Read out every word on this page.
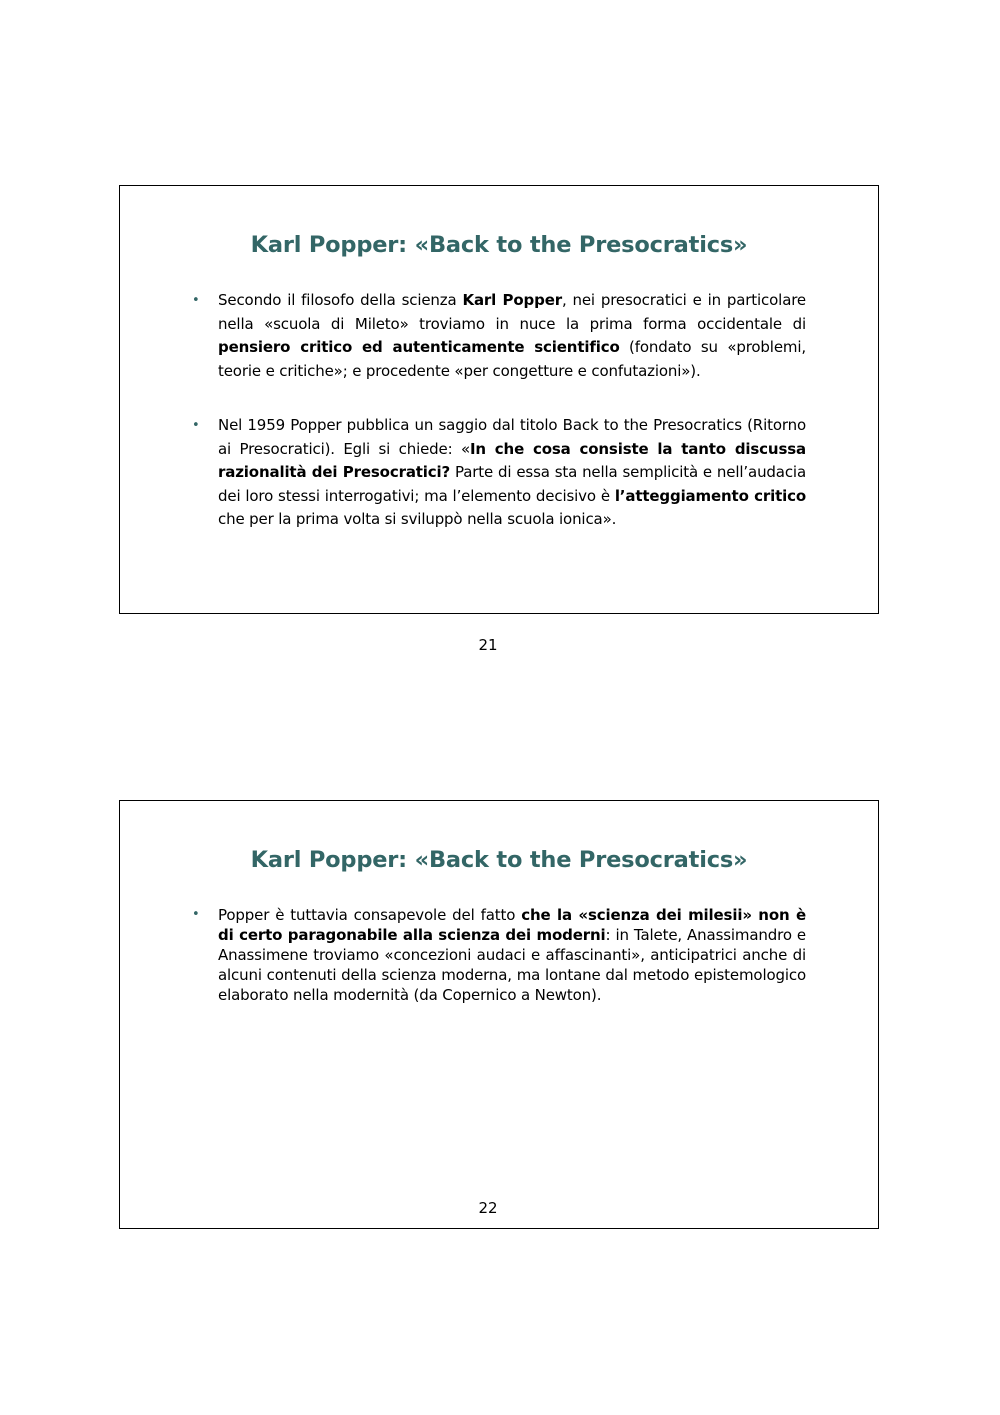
Karl Popper: «Back to the Presocratics»
•	Secondo il filosofo della scienza Karl Popper, nei presocratici e in particolare nella «scuola di Mileto» troviamo in nuce la prima forma occidentale di pensiero critico ed autenticamente scientifico (fondato su «problemi, teorie e critiche»; e procedente «per congetture e confutazioni»).
•	Nel 1959 Popper pubblica un saggio dal titolo Back to the Presocratics (Ritorno ai Presocratici). Egli si chiede: «In che cosa consiste la tanto discussa razionalità dei Presocratici? Parte di essa sta nella semplicità e nell’audacia dei loro stessi interrogativi; ma l’elemento decisivo è l’atteggiamento critico che per la prima volta si sviluppò nella scuola ionica».
21
Karl Popper: «Back to the Presocratics»
•	Popper è tuttavia consapevole del fatto che la «scienza dei milesii» non è di certo paragonabile alla scienza dei moderni: in Talete, Anassimandro e Anassimene troviamo «concezioni audaci e affascinanti», anticipatrici anche di alcuni contenuti della scienza moderna, ma lontane dal metodo epistemologico elaborato nella modernità (da Copernico a Newton).
22
